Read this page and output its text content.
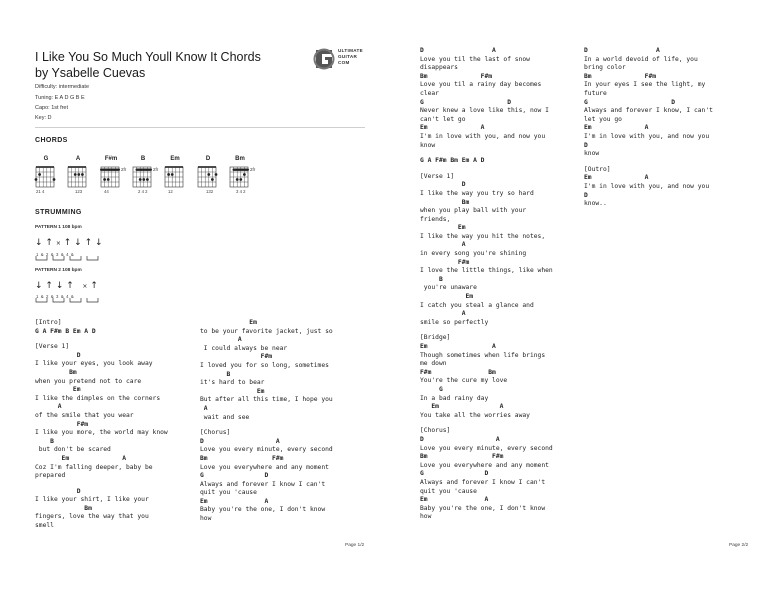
I Like You So Much Youll Know It Chords by Ysabelle Cuevas
ULTIMATE
GUITAR
COM
Difficulty: intermediate
Tuning: E A D G B E
Capo: 1st fret
Key: D
CHORDS
G	A	F#m	B	Em	D	Bm
2fr	2fr	2fr
21 4	123	44	2 4 2	12	132	3 4 2
STRUMMING
PATTERN 1 108 bpm
↓ ↑ × ↑ ↓ ↑ ↓
1  &  2  &  3  &  4  &
PATTERN 2 108 bpm
↓ ↑ ↓ ↑ × ↑
1  &  2  &  3  &  4  &
[Intro]
G A F#m B Em A D
[Verse 1]
D
I like your eyes, you look away
Bm
when you pretend not to care
Em
I like the dimples on the corners
A
of the smile that you wear
F#m
I like you more, the world may know
B
but don't be scared
Em              A
Coz I'm falling deeper, baby be
prepared
D
I like your shirt, I like your
Bm
fingers, love the way that you
smell
Em
to be your favorite jacket, just so
A
I could always be near
F#m
I loved you for so long, sometimes
B
it's hard to bear
Em
But after all this time, I hope you
A
wait and see
[Chorus]
D                   A
Love you every minute, every second
Bm                 F#m
Love you everywhere and any moment
G                D
Always and forever I know I can't
quit you 'cause
Em               A
Baby you're the one, I don't know
how
Page 1/2
D                  A
Love you til the last of snow
disappears
Bm              F#m
Love you til a rainy day becomes
clear
G                      D
Never knew a love like this, now I
can't let go
Em              A
I'm in love with you, and now you
know
G A F#m Bm Em A D
[Verse 1]
D
I like the way you try so hard
Bm
when you play ball with your
friends,
Em
I like the way you hit the notes,
A
in every song you're shining
F#m
I love the little things, like when
B
you're unaware
Em
I catch you steal a glance and
A
smile so perfectly
[Bridge]
Em                 A
Though sometimes when life brings
me down
F#m               Bm
You're the cure my love
G
In a bad rainy day
Em                A
You take all the worries away
[Chorus]
D                   A
Love you every minute, every second
Bm                 F#m
Love you everywhere and any moment
G                D
Always and forever I know I can't
quit you 'cause
Em               A
Baby you're the one, I don't know
how
D                  A
In a world devoid of life, you
bring color
Bm              F#m
In your eyes I see the light, my
future
G                      D
Always and forever I know, I can't
let you go
Em              A
I'm in love with you, and now you
D
know
[Outro]
Em              A
I'm in love with you, and now you
D
know..
Page 2/2
